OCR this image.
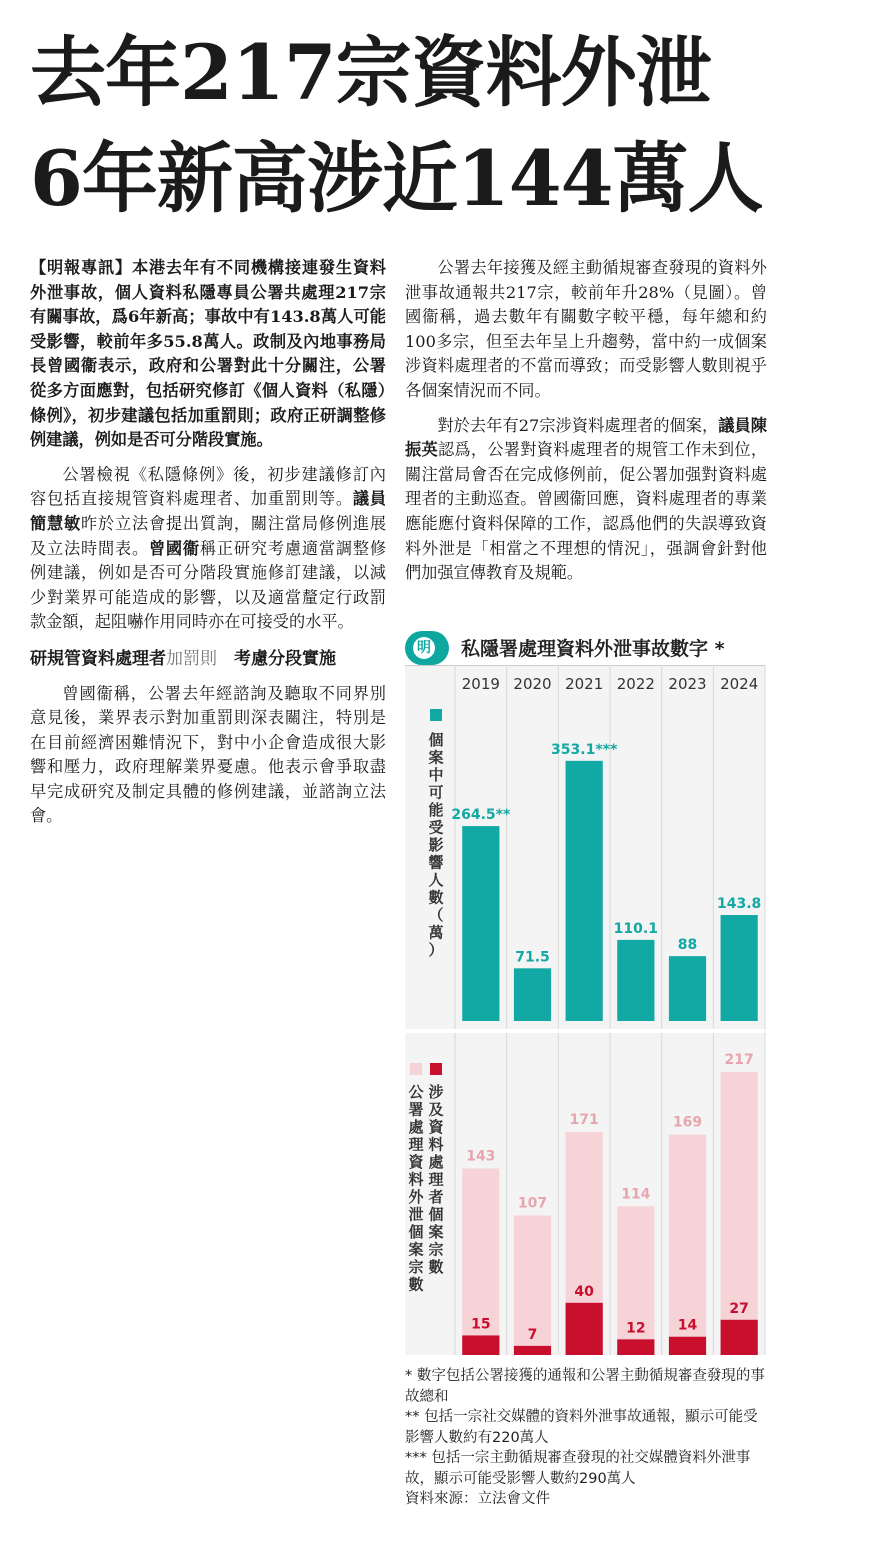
去年217宗資料外泄
6年新高涉近144萬人

【明報專訊】本港去年有不同機構接連發生資料外泄事故，個人資料私隱專員公署共處理217宗有關事故，爲6年新高；事故中有143.8萬人可能受影響，較前年多55.8萬人。政制及內地事務局長曾國衞表示，政府和公署對此十分關注，公署從多方面應對，包括研究修訂《個人資料（私隱）條例》，初步建議包括加重罰則；政府正研調整修例建議，例如是否可分階段實施。

公署檢視《私隱條例》後，初步建議修訂內容包括直接規管資料處理者、加重罰則等。議員簡慧敏昨於立法會提出質詢，關注當局修例進展及立法時間表。曾國衞稱正研究考慮適當調整修例建議，例如是否可分階段實施修訂建議，以減少對業界可能造成的影響，以及適當釐定行政罰款金額，起阻嚇作用同時亦在可接受的水平。

研規管資料處理者加罰則　考慮分段實施

曾國衞稱，公署去年經諮詢及聽取不同界別意見後，業界表示對加重罰則深表關注，特別是在目前經濟困難情況下，對中小企會造成很大影響和壓力，政府理解業界憂慮。他表示會爭取盡早完成研究及制定具體的修例建議，並諮詢立法會。

公署去年接獲及經主動循規審查發現的資料外泄事故通報共217宗，較前年升28%（見圖）。曾國衞稱，過去數年有關數字較平穩，每年總和約100多宗，但至去年呈上升趨勢，當中約一成個案涉資料處理者的不當而導致；而受影響人數則視乎各個案情況而不同。

對於去年有27宗涉資料處理者的個案，議員陳振英認爲，公署對資料處理者的規管工作未到位，關注當局會否在完成修例前，促公署加强對資料處理者的主動巡查。曾國衞回應，資料處理者的專業應能應付資料保障的工作，認爲他們的失誤導致資料外泄是「相當之不理想的情況」，强調會針對他們加强宣傳教育及規範。

明 私隱署處理資料外泄事故數字 *
2019 2020 2021 2022 2023 2024
264.5**
71.5
353.1***
110.1
88
143.8
143
107
171
114
169
217
15
7
40
12 14
27
個
案
中
可
能
受
影
響
人
數
（
萬
）
涉
及
資
料
處
理
者
個
案
宗
數
公
署
處
理
資
料
外
泄
個
案
宗
數
* 數字包括公署接獲的通報和公署主動循規審查發現的事故總和
** 包括一宗社交媒體的資料外泄事故通報，顯示可能受影響人數約有220萬人
*** 包括一宗主動循規審查發現的社交媒體資料外泄事故，顯示可能受影響人數約290萬人
資料來源：立法會文件
